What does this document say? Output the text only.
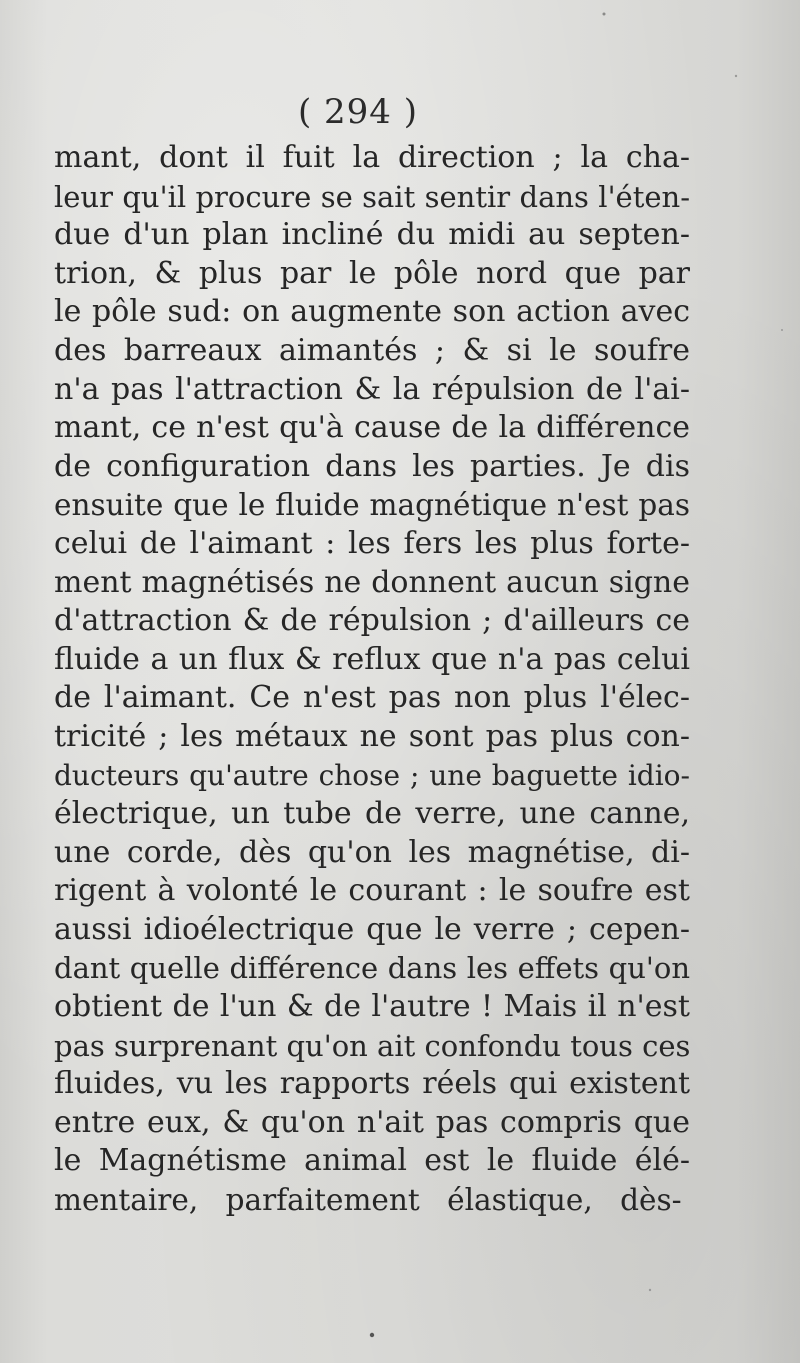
( 294 )
mant, dont il fuit la direction ; la cha-
leur qu'il procure se sait sentir dans l'éten-
due d'un plan incliné du midi au septen-
trion, & plus par le pôle nord que par
le pôle sud: on augmente son action avec
des barreaux aimantés ; & si le soufre
n'a pas l'attraction & la répulsion de l'ai-
mant, ce n'est qu'à cause de la différence
de configuration dans les parties. Je dis
ensuite que le fluide magnétique n'est pas
celui de l'aimant : les fers les plus forte-
ment magnétisés ne donnent aucun signe
d'attraction & de répulsion ; d'ailleurs ce
fluide a un flux & reflux que n'a pas celui
de l'aimant. Ce n'est pas non plus l'élec-
tricité ; les métaux ne sont pas plus con-
ducteurs qu'autre chose ; une baguette idio-
électrique, un tube de verre, une canne,
une corde, dès qu'on les magnétise, di-
rigent à volonté le courant : le soufre est
aussi idioélectrique que le verre ; cepen-
dant quelle différence dans les effets qu'on
obtient de l'un & de l'autre ! Mais il n'est
pas surprenant qu'on ait confondu tous ces
fluides, vu les rapports réels qui existent
entre eux, & qu'on n'ait pas compris que
le Magnétisme animal est le fluide élé-
mentaire, parfaitement élastique, dès-
